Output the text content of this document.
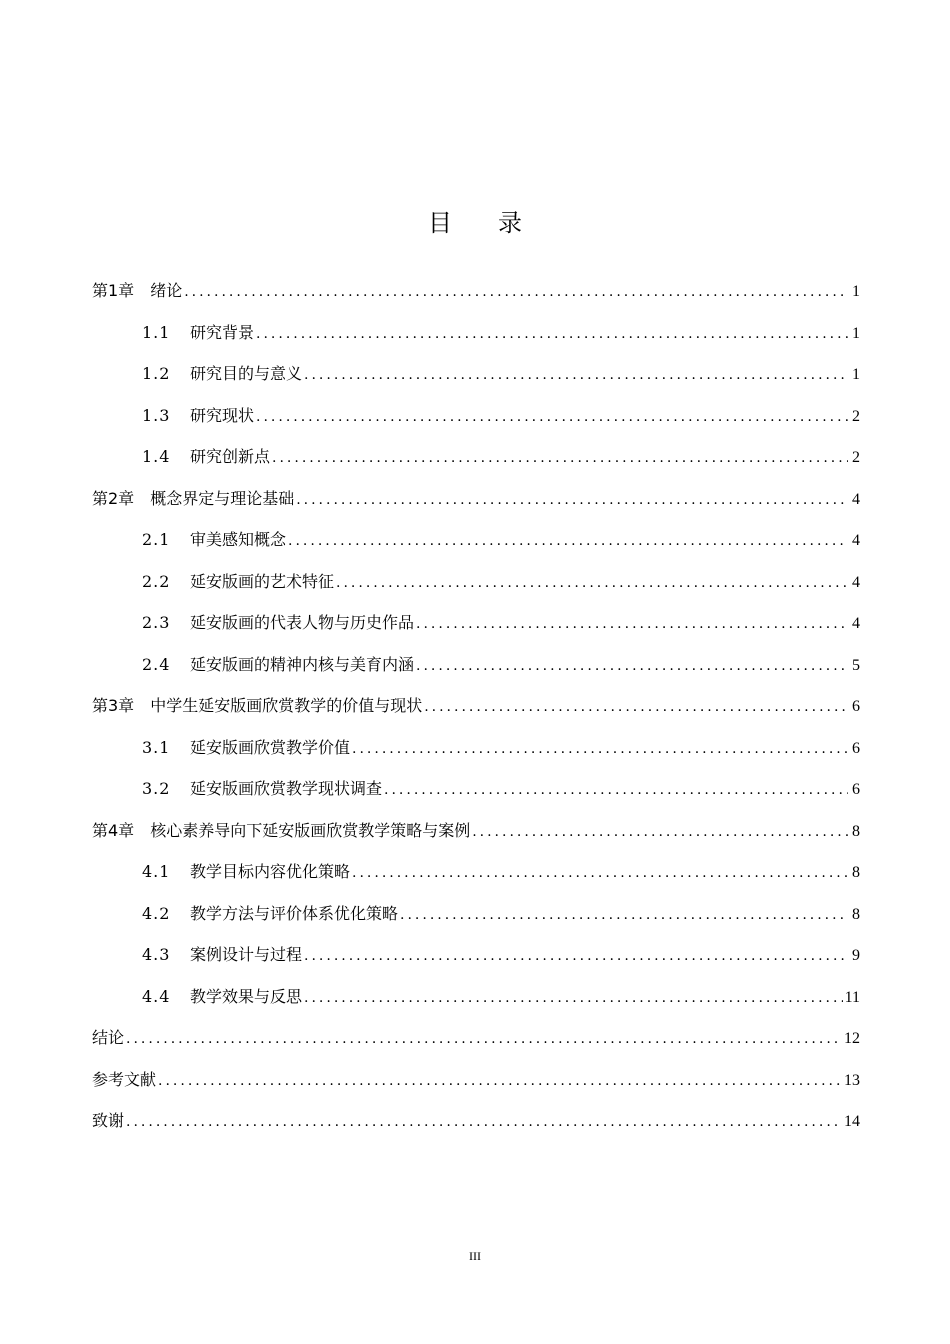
目录
第1章 绪论 .....	1
1.1	研究背景 .....	1
1.2	研究目的与意义 .....	1
1.3	研究现状 .....	2
1.4	研究创新点 .....	2
第2章 概念界定与理论基础 .....	4
2.1	审美感知概念 .....	4
2.2	延安版画的艺术特征 .....	4
2.3	延安版画的代表人物与历史作品 .....	4
2.4	延安版画的精神内核与美育内涵 .....	5
第3章 中学生延安版画欣赏教学的价值与现状 .....	6
3.1	延安版画欣赏教学价值 .....	6
3.2	延安版画欣赏教学现状调查 .....	6
第4章 核心素养导向下延安版画欣赏教学策略与案例 .....	8
4.1	教学目标内容优化策略 .....	8
4.2	教学方法与评价体系优化策略 .....	8
4.3	案例设计与过程 .....	9
4.4	教学效果与反思 .....	11
结论 .....	12
参考文献 .....	13
致谢 .....	14
III
